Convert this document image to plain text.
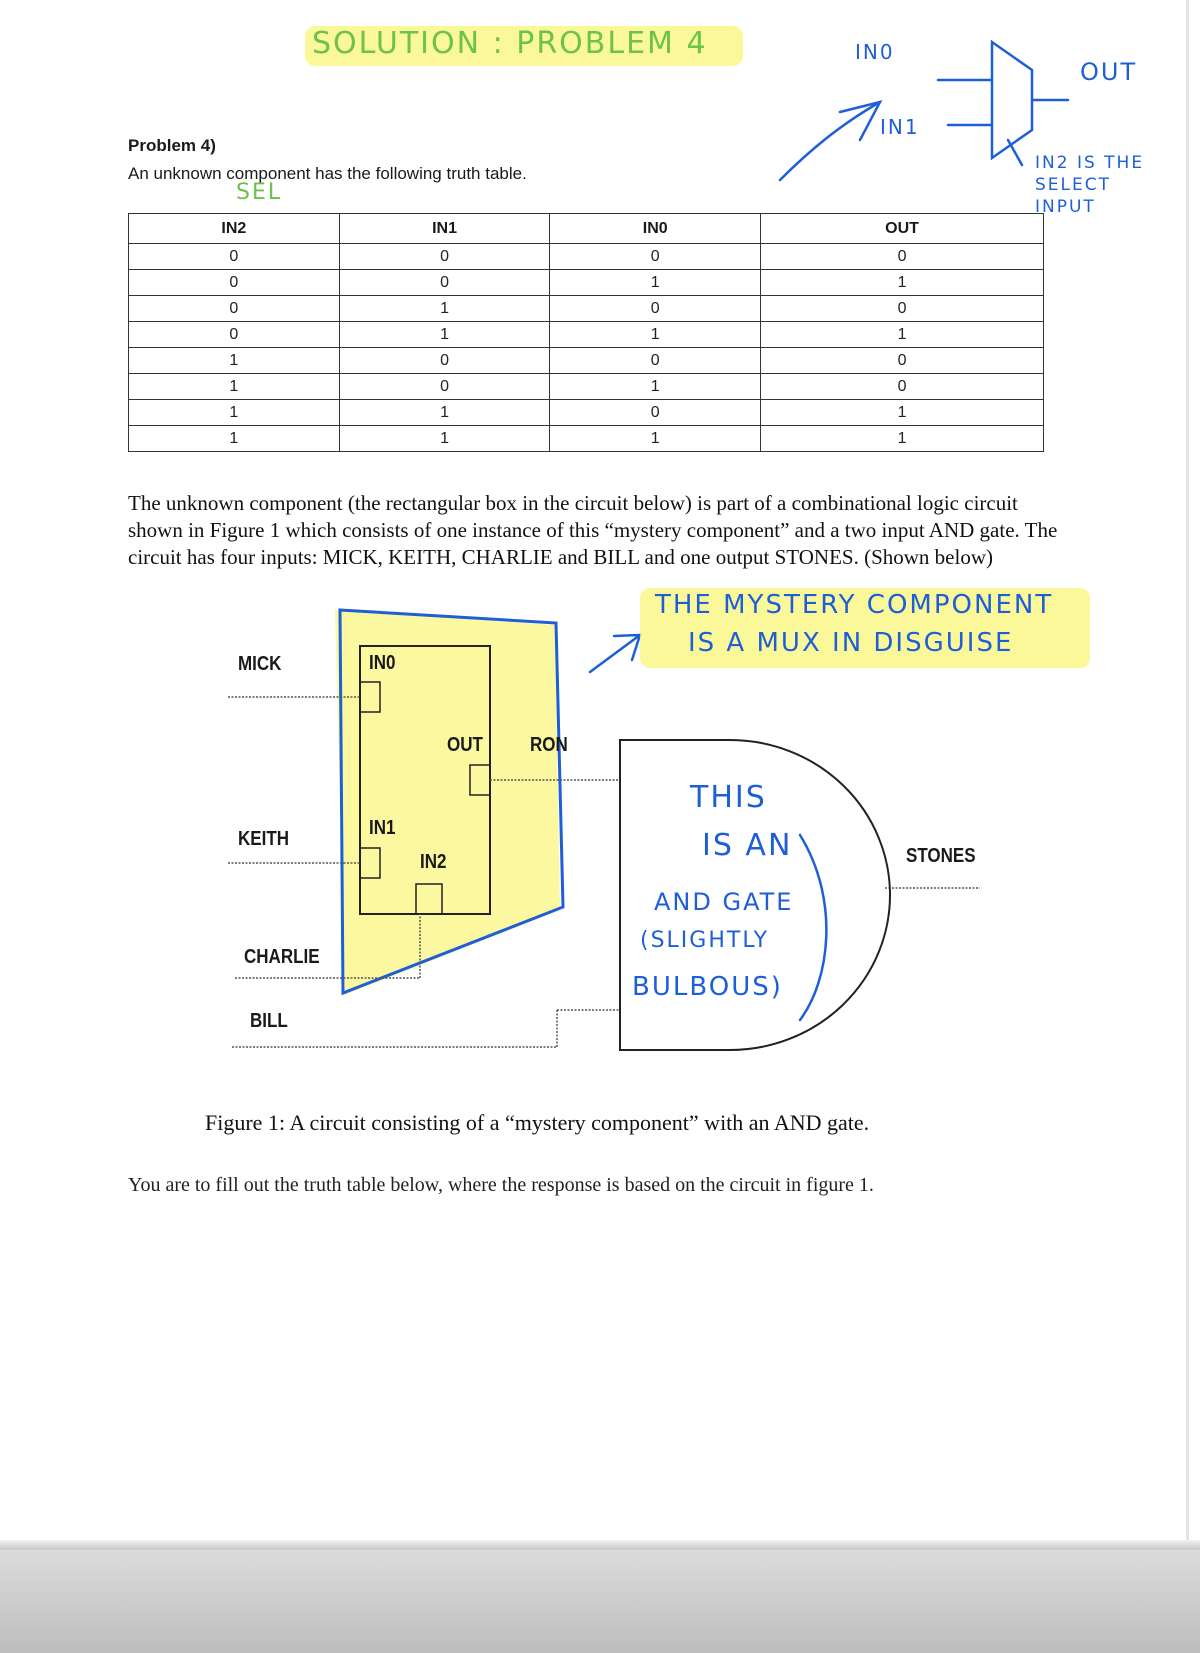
SOLUTION : PROBLEM 4	IN0
IN1
OUT
IN2 IS THE SELECT INPUT
Problem 4)
An unknown component has the following truth table.
SEL
IN2	IN1	IN0	OUT
0	0	0	0
0	0	1	1
0	1	0	0
0	1	1	1
1	0	0	0
1	0	1	0
1	1	0	1
1	1	1	1
The unknown component (the rectangular box in the circuit below) is part of a combinational logic circuit shown in Figure 1 which consists of one instance of this “mystery component” and a two input AND gate. The circuit has four inputs: MICK, KEITH, CHARLIE and BILL and one output STONES. (Shown below)
MICK
KEITH
CHARLIE
BILL
STONES
IN0
IN1
IN2
OUT RON
THE MYSTERY COMPONENT
IS A MUX IN DISGUISE
THIS
IS AN
AND GATE
(SLIGHTLY
BULBOUS)
Figure 1: A circuit consisting of a “mystery component” with an AND gate.
You are to fill out the truth table below, where the response is based on the circuit in figure 1.
